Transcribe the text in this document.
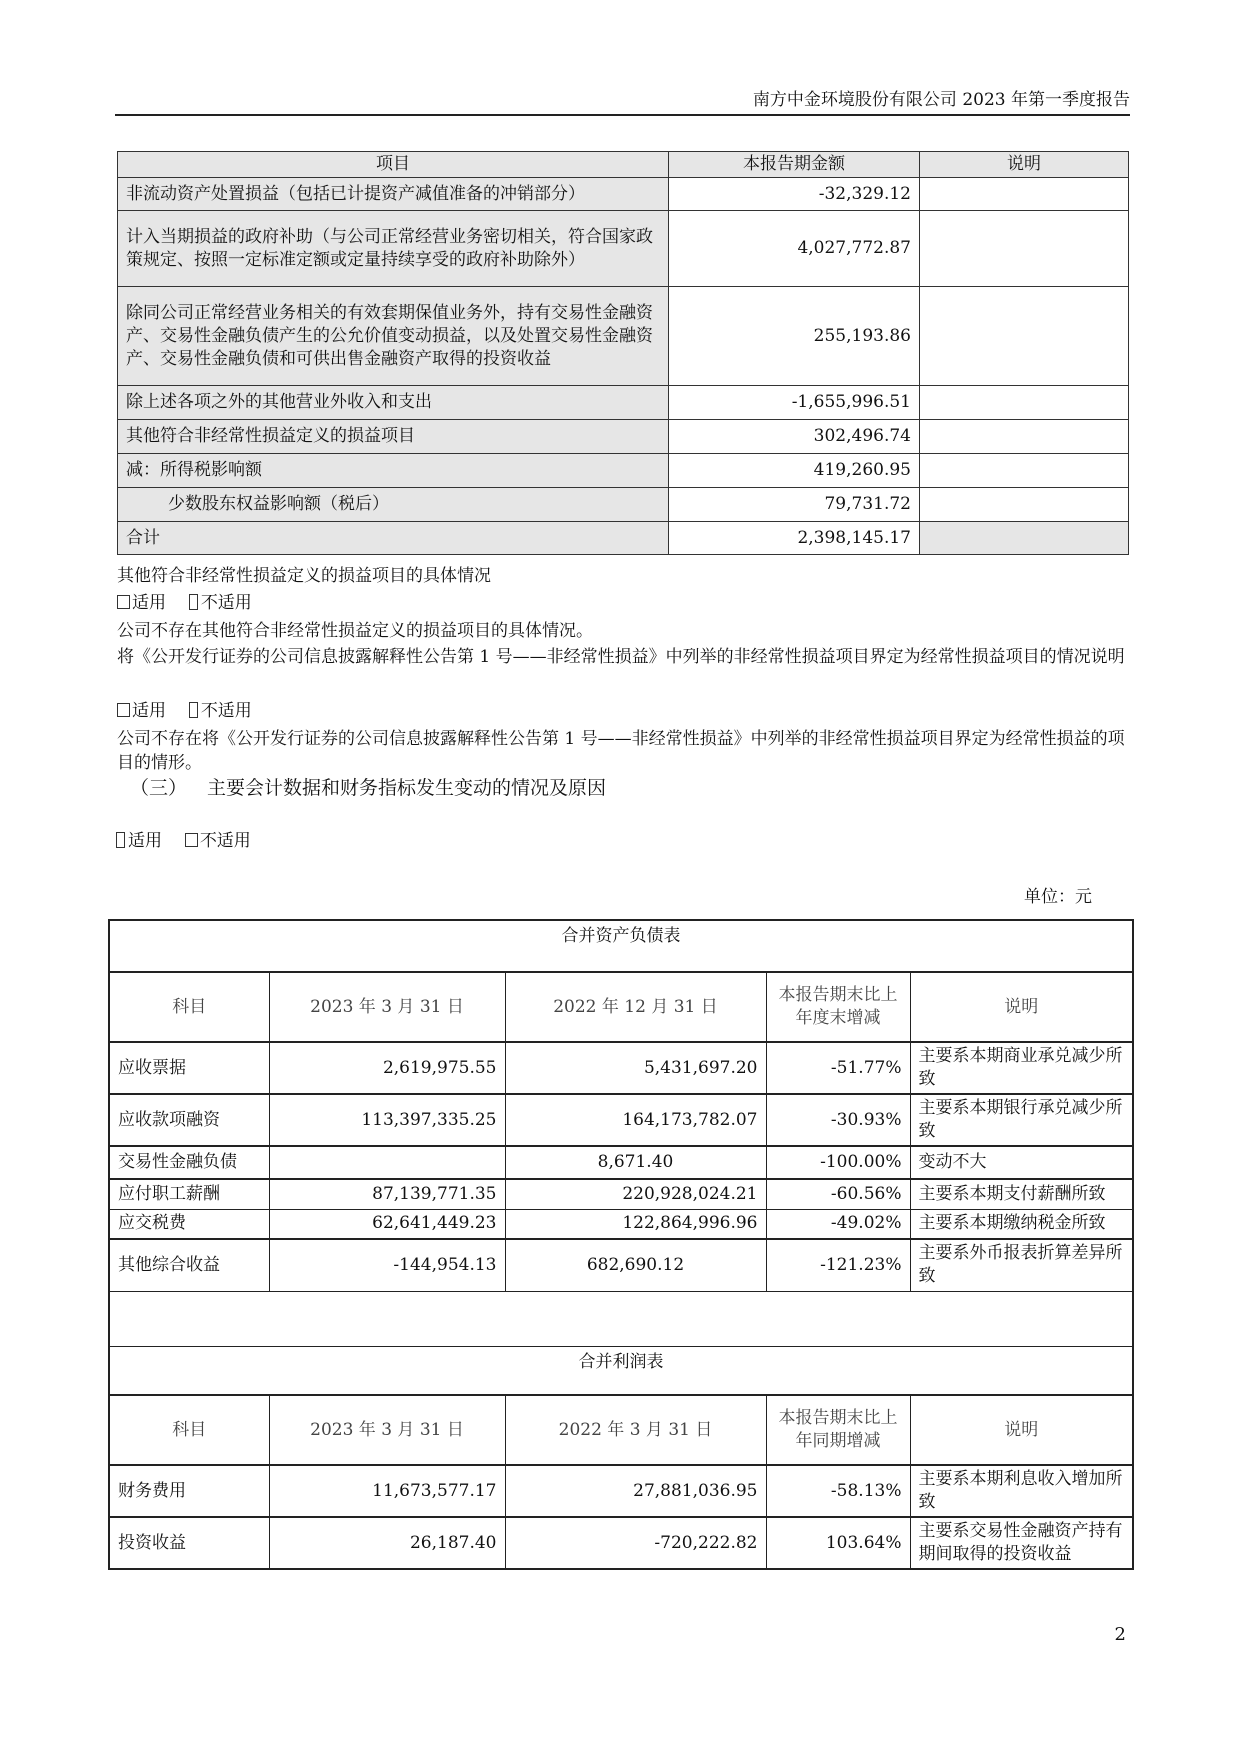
南方中金环境股份有限公司 2023 年第一季度报告
项目	本报告期金额	说明
非流动资产处置损益（包括已计提资产减值准备的冲销部分）	-32,329.12	
计入当期损益的政府补助（与公司正常经营业务密切相关，符合国家政策规定、按照一定标准定额或定量持续享受的政府补助除外）	4,027,772.87	
除同公司正常经营业务相关的有效套期保值业务外，持有交易性金融资产、交易性金融负债产生的公允价值变动损益，以及处置交易性金融资产、交易性金融负债和可供出售金融资产取得的投资收益	255,193.86	
除上述各项之外的其他营业外收入和支出	-1,655,996.51	
其他符合非经常性损益定义的损益项目	302,496.74	
减：所得税影响额	419,260.95	
少数股东权益影响额（税后）	79,731.72	
合计	2,398,145.17	
其他符合非经常性损益定义的损益项目的具体情况
适用 不适用
公司不存在其他符合非经常性损益定义的损益项目的具体情况。
将《公开发行证券的公司信息披露解释性公告第 1 号——非经常性损益》中列举的非经常性损益项目界定为经常性损益项目的情况说明
适用 不适用
公司不存在将《公开发行证券的公司信息披露解释性公告第 1 号——非经常性损益》中列举的非经常性损益项目界定为经常性损益的项目的情形。
（三） 主要会计数据和财务指标发生变动的情况及原因
适用 不适用
单位：元
合并资产负债表				
科目	2023 年 3 月 31 日	2022 年 12 月 31 日	本报告期末比上年度末增减	说明
应收票据	2,619,975.55	5,431,697.20	-51.77%	主要系本期商业承兑减少所致
应收款项融资	113,397,335.25	164,173,782.07	-30.93%	主要系本期银行承兑减少所致
交易性金融负债		8,671.40	-100.00%	变动不大
应付职工薪酬	87,139,771.35	220,928,024.21	-60.56%	主要系本期支付薪酬所致
应交税费	62,641,449.23	122,864,996.96	-49.02%	主要系本期缴纳税金所致
其他综合收益	-144,954.13	682,690.12	-121.23%	主要系外币报表折算差异所致

合并利润表				
科目	2023 年 3 月 31 日	2022 年 3 月 31 日	本报告期末比上年同期增减	说明
财务费用	11,673,577.17	27,881,036.95	-58.13%	主要系本期利息收入增加所致
投资收益	26,187.40	-720,222.82	103.64%	主要系交易性金融资产持有期间取得的投资收益
2
